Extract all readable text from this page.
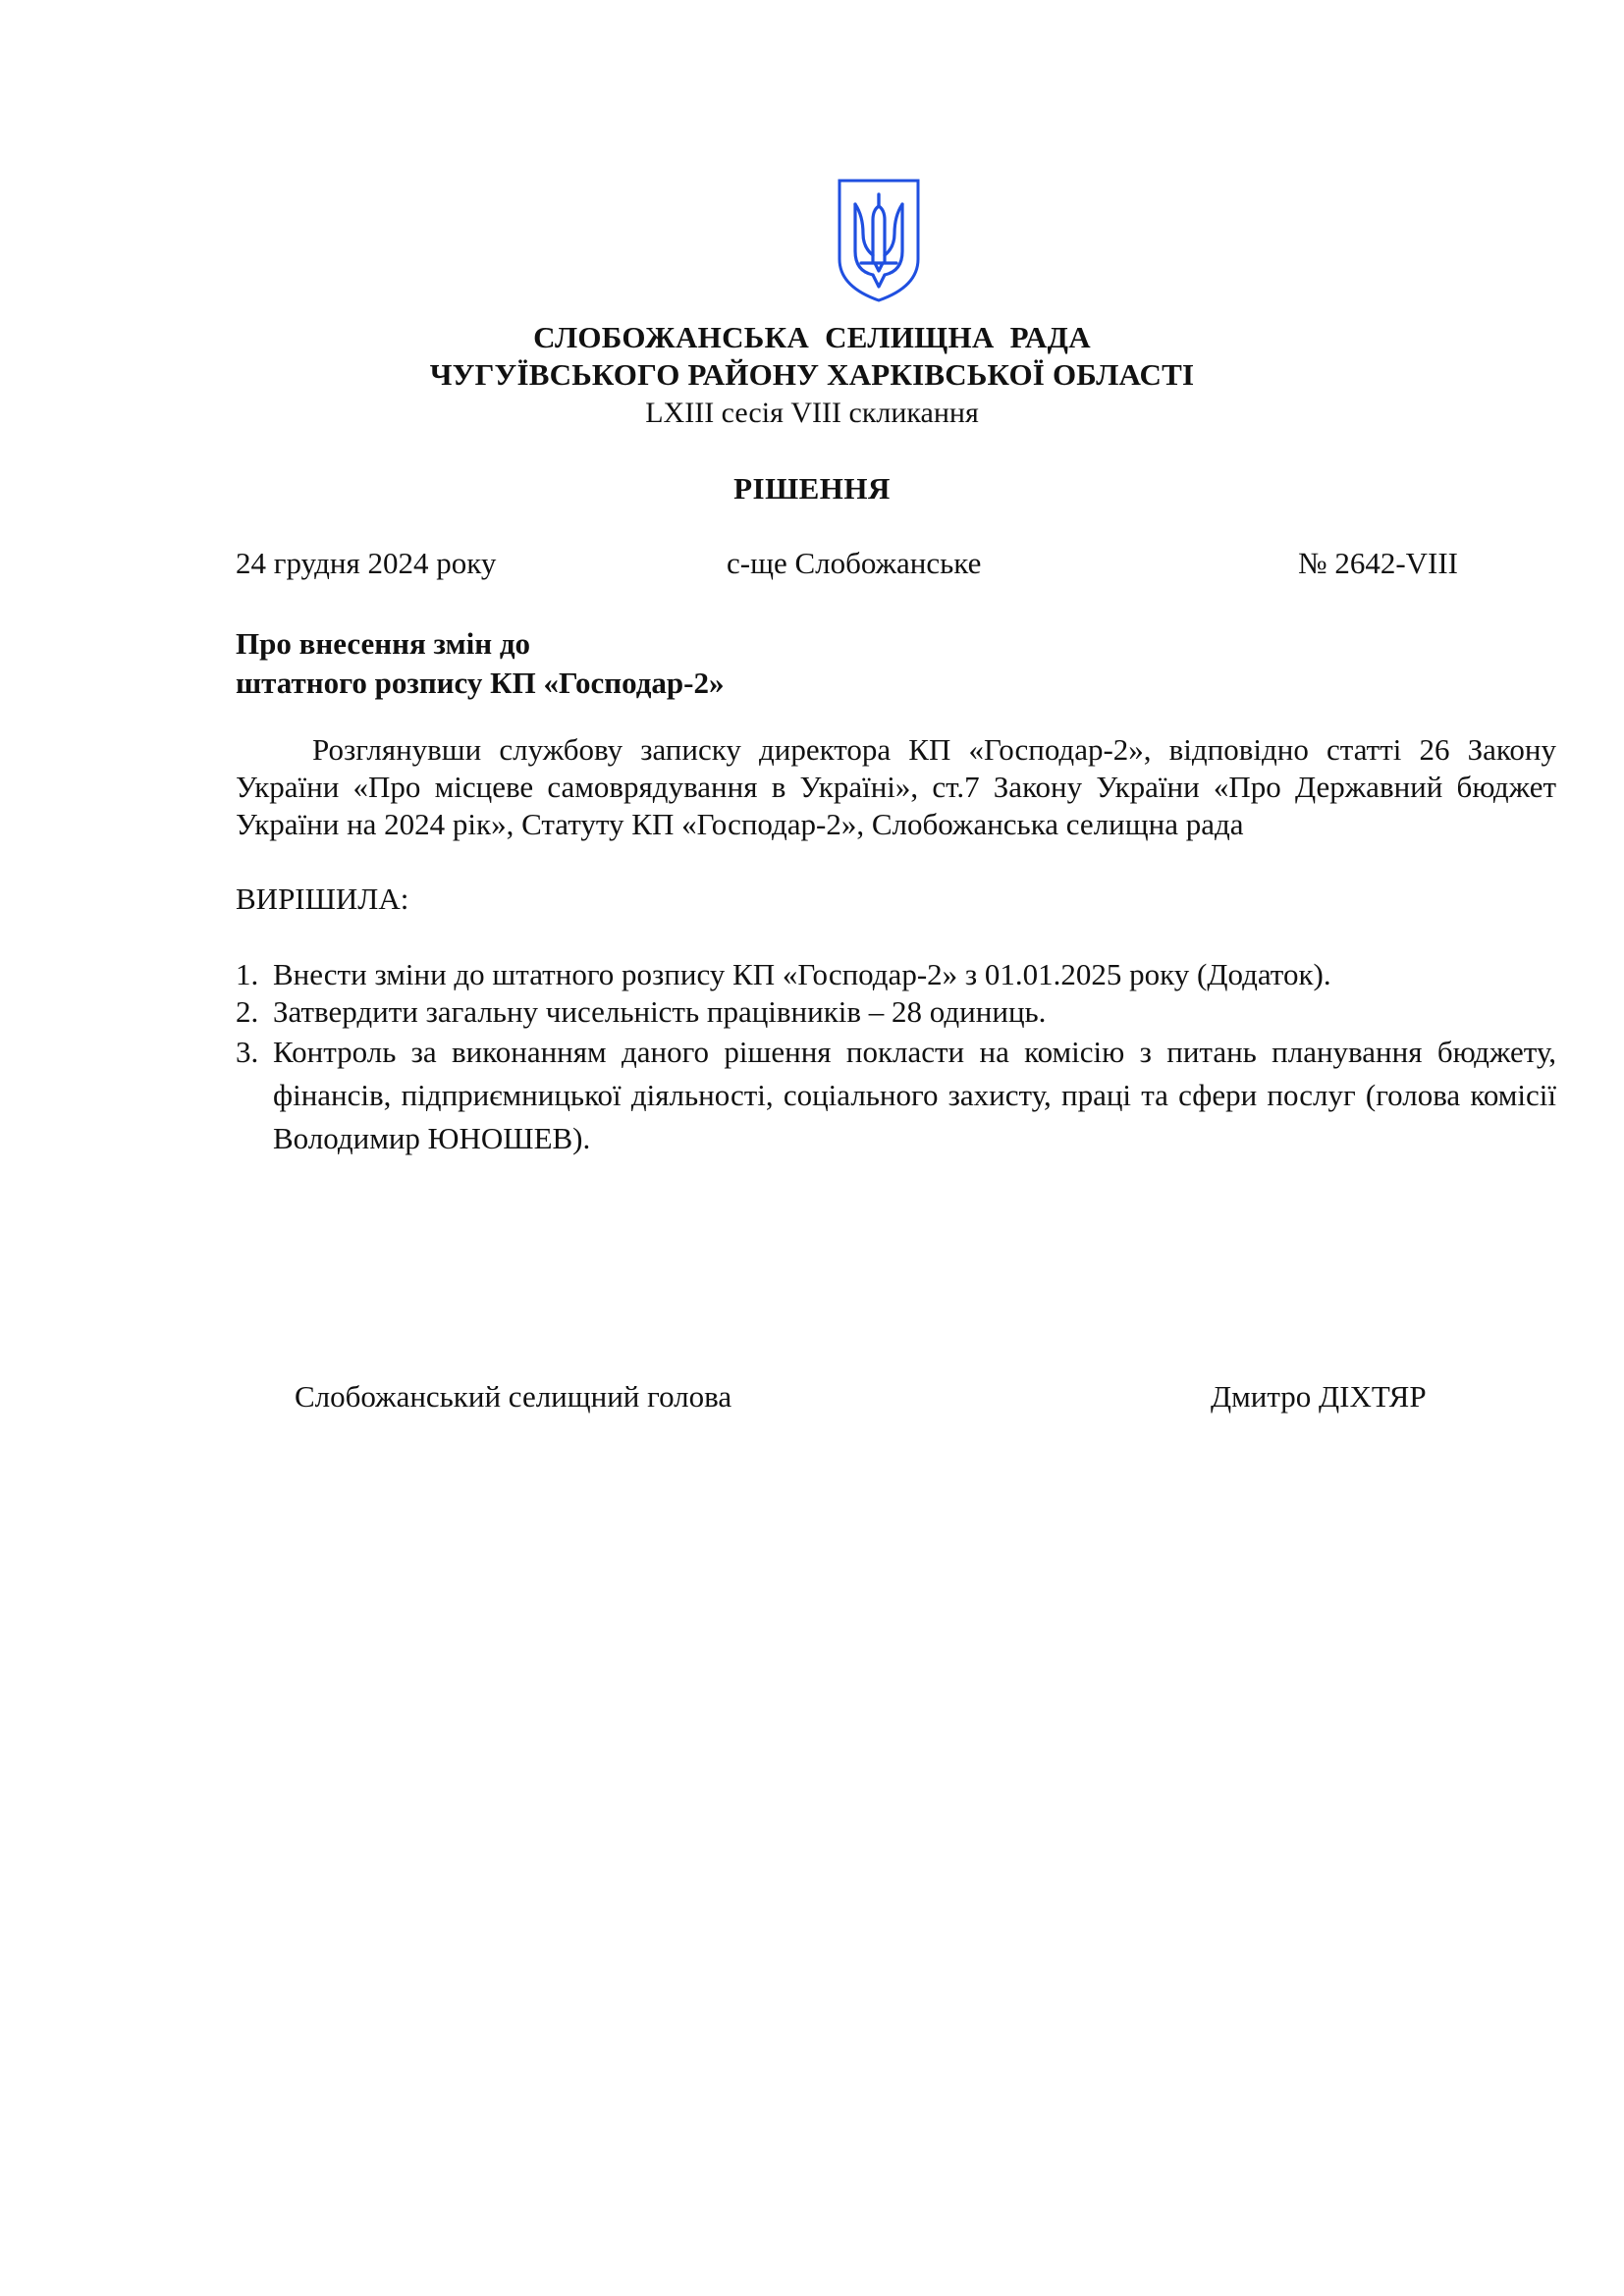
СЛОБОЖАНСЬКА СЕЛИЩНА РАДА
ЧУГУЇВСЬКОГО РАЙОНУ ХАРКІВСЬКОЇ ОБЛАСТІ
LXIII сесія VIII скликання
РІШЕННЯ
24 грудня 2024 року	с-ще Слобожанське	№ 2642-VIII
Про внесення змін до
штатного розпису КП «Господар-2»
Розглянувши службову записку директора КП «Господар-2», відповідно статті 26 Закону України «Про місцеве самоврядування в Україні», ст.7 Закону України «Про Державний бюджет України на 2024 рік», Статуту КП «Господар-2», Слобожанська селищна рада
ВИРІШИЛА:
1. Внести зміни до штатного розпису КП «Господар-2» з 01.01.2025 року (Додаток).
2. Затвердити загальну чисельність працівників – 28 одиниць.
3. Контроль за виконанням даного рішення покласти на комісію з питань планування бюджету, фінансів, підприємницької діяльності, соціального захисту, праці та сфери послуг (голова комісії Володимир ЮНОШЕВ).
Слобожанський селищний голова	Дмитро ДІХТЯР
